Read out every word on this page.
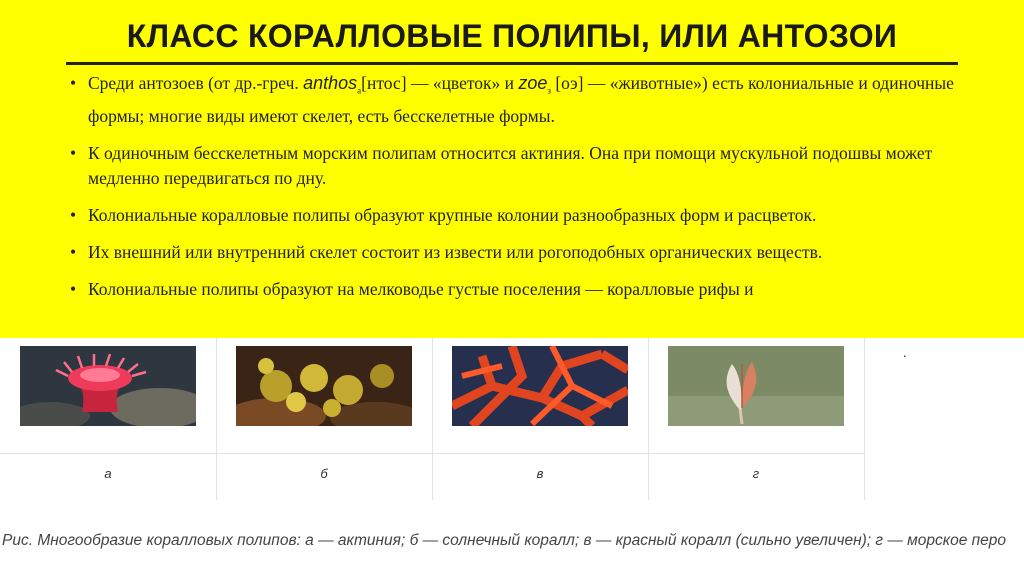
КЛАСС КОРАЛЛОВЫЕ ПОЛИПЫ, ИЛИ АНТОЗОИ
• Среди антозоев (от др.-греч. anthos$_a$[нтос] — «цветок» и zoe$_з$ [оэ] — «животные») есть колониальные и одиночные формы; многие виды имеют скелет, есть бесскелетные формы.
• К одиночным бесскелетным морским полипам относится актиния. Она при помощи мускульной подошвы может медленно передвигаться по дну.
• Колониальные коралловые полипы образуют крупные колонии разнообразных форм и расцветок.
• Их внешний или внутренний скелет состоит из извести или рогоподобных органических веществ.
• Колониальные полипы образуют на мелководье густые поселения — коралловые рифы и
а	б	в	г
.
Рис. Многообразие коралловых полипов: а — актиния; б — солнечный коралл; в — красный коралл (сильно увеличен); г — морское перо
